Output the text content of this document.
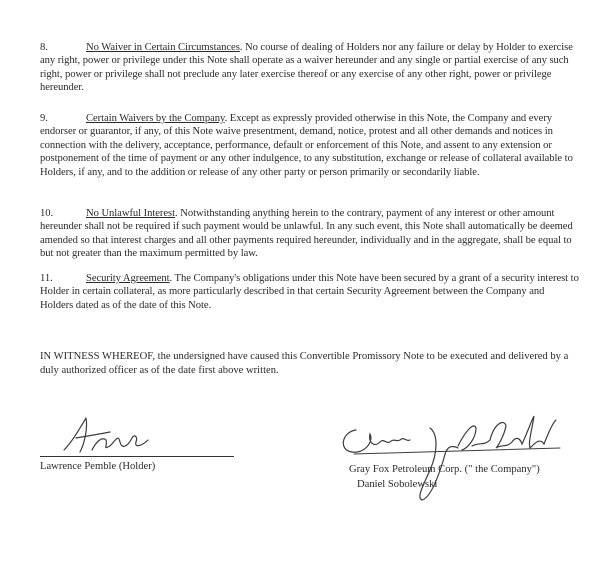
8.	No Waiver in Certain Circumstances. No course of dealing of Holders nor any failure or delay by Holder to exercise any right, power or privilege under this Note shall operate as a waiver hereunder and any single or partial exercise of any such right, power or privilege shall not preclude any later exercise thereof or any exercise of any other right, power or privilege hereunder.

9.	Certain Waivers by the Company. Except as expressly provided otherwise in this Note, the Company and every endorser or guarantor, if any, of this Note waive presentment, demand, notice, protest and all other demands and notices in connection with the delivery, acceptance, performance, default or enforcement of this Note, and assent to any extension or postponement of the time of payment or any other indulgence, to any substitution, exchange or release of collateral available to Holders, if any, and to the addition or release of any other party or person primarily or secondarily liable.

10.	No Unlawful Interest. Notwithstanding anything herein to the contrary, payment of any interest or other amount hereunder shall not be required if such payment would be unlawful. In any such event, this Note shall automatically be deemed amended so that interest charges and all other payments required hereunder, individually and in the aggregate, shall be equal to but not greater than the maximum permitted by law.

11.	Security Agreement. The Company's obligations under this Note have been secured by a grant of a security interest to Holder in certain collateral, as more particularly described in that certain Security Agreement between the Company and Holders dated as of the date of this Note.

IN WITNESS WHEREOF, the undersigned have caused this Convertible Promissory Note to be executed and delivered by a duly authorized officer as of the date first above written.

Lawrence Pemble (Holder)	Gray Fox Petroleum Corp. (" the Company")
Daniel Sobolewski
